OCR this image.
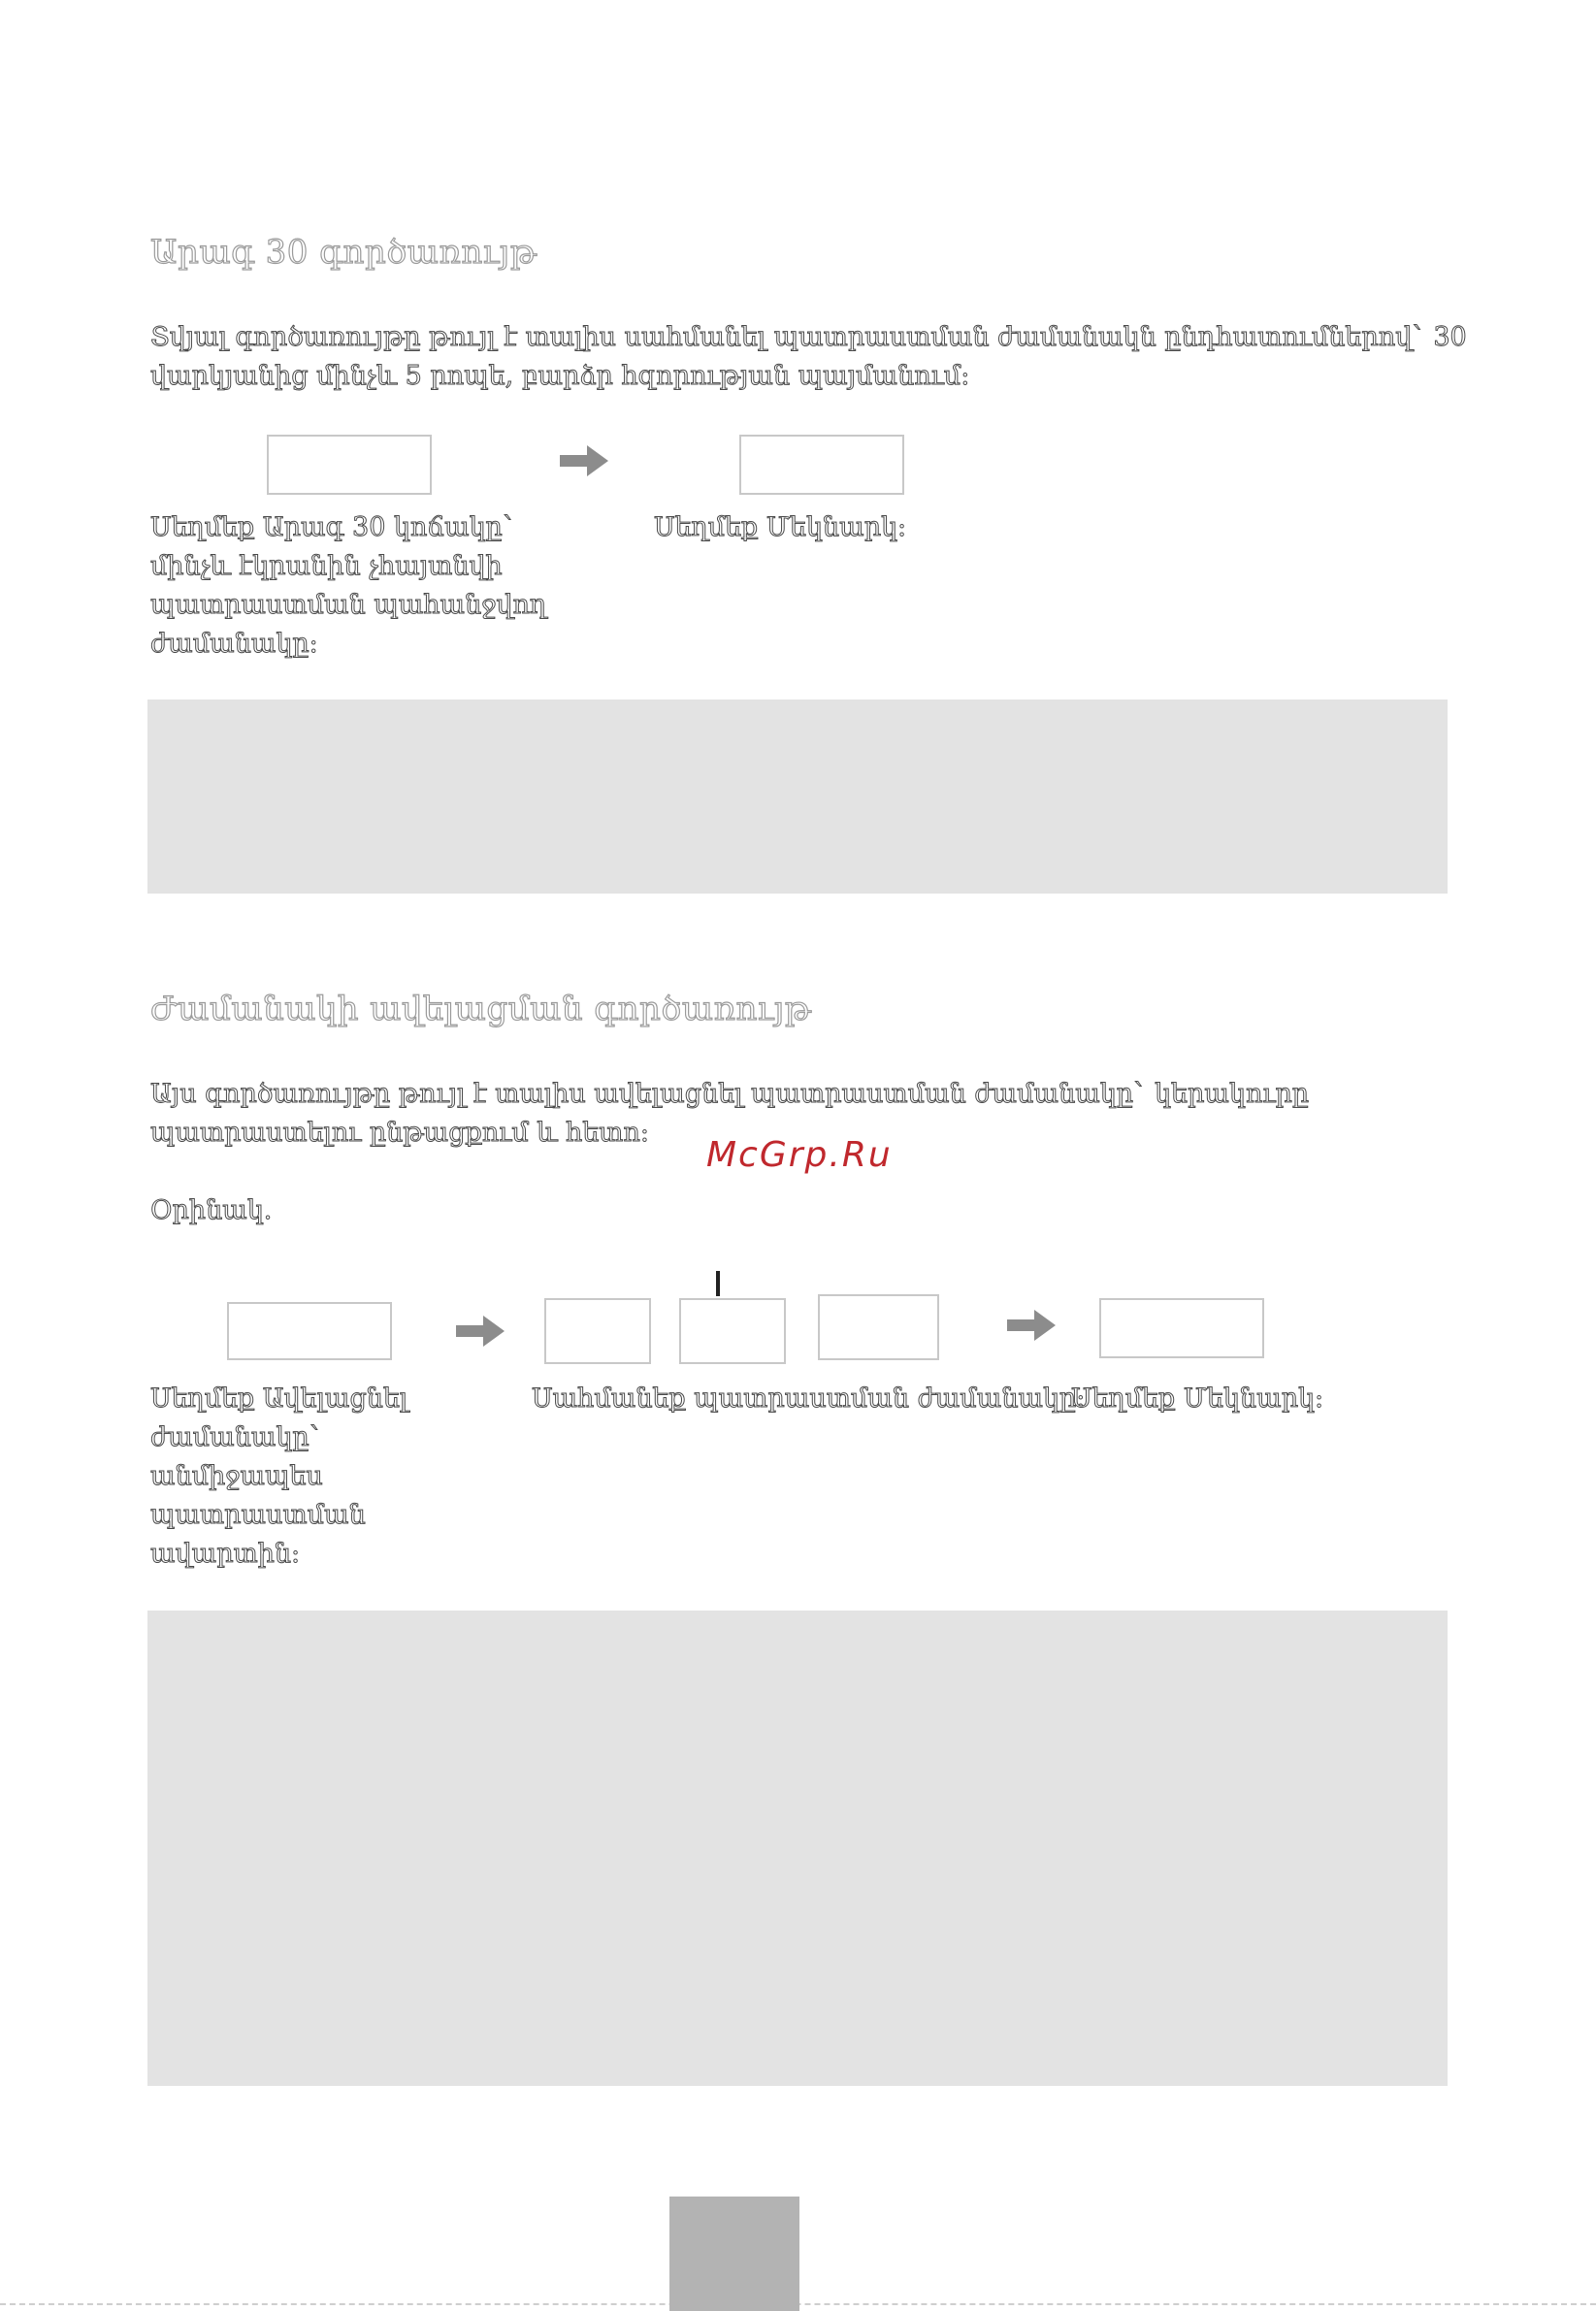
Արագ 30 գործառույթ
Տվյալ գործառույթը թույլ է տալիս սահմանել պատրաստման ժամանակն ընդհատումներով` 30
վարկյանից մինչև 5 րոպե, բարձր հզորության պայմանում:
Սեղմեք Արագ 30 կոճակը` մինչև էկրանին չհայտնվի պատրաստման պահանջվող ժամանակը:
Սեղմեք Մեկնարկ:
Ժամանակի ավելացման գործառույթ
Այս գործառույթը թույլ է տալիս ավելացնել պատրաստման ժամանակը` կերակուրը
պատրաստելու ընթացքում և հետո:
McGrp.Ru
Օրինակ.
Սեղմեք Ավելացնել ժամանակը` անմիջապես պատրաստման ավարտին:
Սահմանեք պատրաստման ժամանակը:
Սեղմեք Մեկնարկ:
